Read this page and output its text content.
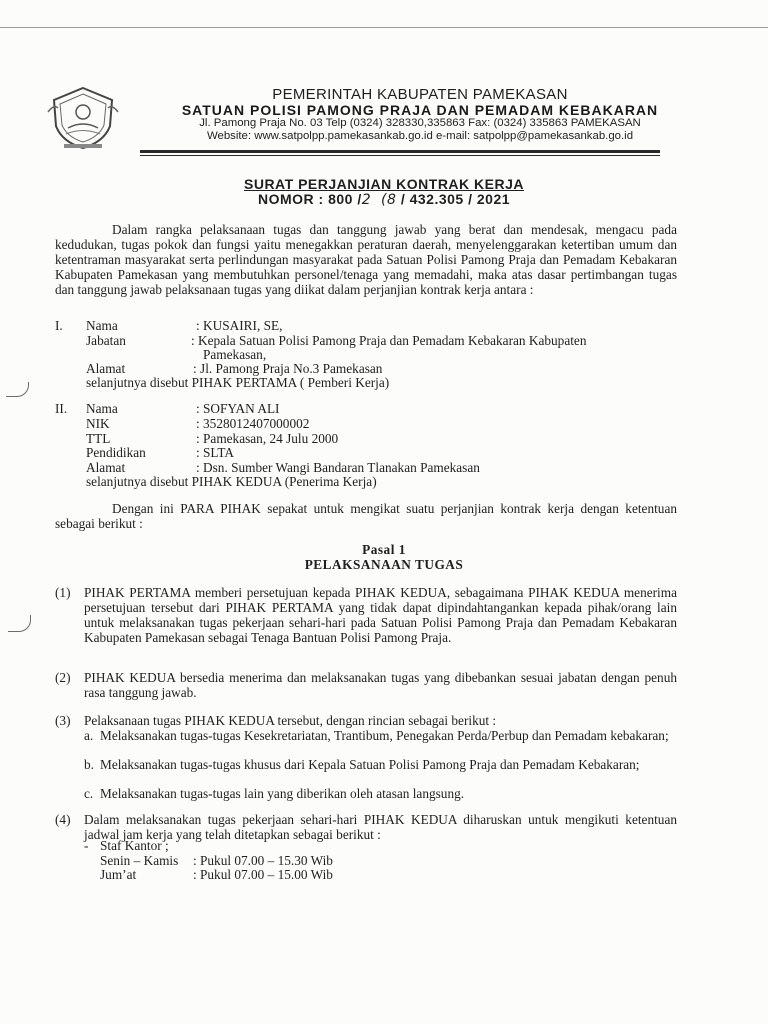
PEMERINTAH KABUPATEN PAMEKASAN
SATUAN POLISI PAMONG PRAJA DAN PEMADAM KEBAKARAN
Jl. Pamong Praja No. 03 Telp (0324) 328330,335863 Fax: (0324) 335863 PAMEKASAN
Website: www.satpolpp.pamekasankab.go.id e-mail: satpolpp@pamekasankab.go.id
SURAT PERJANJIAN KONTRAK KERJA
NOMOR : 800 /2  (8 / 432.305 / 2021
Dalam rangka pelaksanaan tugas dan tanggung jawab yang berat dan mendesak, mengacu pada kedudukan, tugas pokok dan fungsi yaitu menegakkan peraturan daerah, menyelenggarakan ketertiban umum dan ketentraman masyarakat serta perlindungan masyarakat pada Satuan Polisi Pamong Praja dan Pemadam Kebakaran Kabupaten Pamekasan yang membutuhkan personel/tenaga yang memadahi, maka atas dasar pertimbangan tugas dan tanggung jawab pelaksanaan tugas yang diikat dalam perjanjian kontrak kerja antara :
I. Nama	: KUSAIRI, SE,
Jabatan	: Kepala Satuan Polisi Pamong Praja dan Pemadam Kebakaran Kabupaten
Pamekasan,
Alamat	: Jl. Pamong Praja No.3 Pamekasan
selanjutnya disebut PIHAK PERTAMA ( Pemberi Kerja)
II. Nama	: SOFYAN ALI
NIK	: 3528012407000002
TTL	: Pamekasan, 24 Julu 2000
Pendidikan	: SLTA
Alamat	: Dsn. Sumber Wangi Bandaran Tlanakan Pamekasan
selanjutnya disebut PIHAK KEDUA (Penerima Kerja)
Dengan ini PARA PIHAK sepakat untuk mengikat suatu perjanjian kontrak kerja dengan ketentuan sebagai berikut :
Pasal 1
PELAKSANAAN TUGAS
(1) PIHAK PERTAMA memberi persetujuan kepada PIHAK KEDUA, sebagaimana PIHAK KEDUA menerima persetujuan tersebut dari PIHAK PERTAMA yang tidak dapat dipindahtangankan kepada pihak/orang lain untuk melaksanakan tugas pekerjaan sehari-hari pada Satuan Polisi Pamong Praja dan Pemadam Kebakaran Kabupaten Pamekasan sebagai Tenaga Bantuan Polisi Pamong Praja.
(2) PIHAK KEDUA bersedia menerima dan melaksanakan tugas yang dibebankan sesuai jabatan dengan penuh rasa tanggung jawab.
(3) Pelaksanaan tugas PIHAK KEDUA tersebut, dengan rincian sebagai berikut :
a. Melaksanakan tugas-tugas Kesekretariatan, Trantibum, Penegakan Perda/Perbup dan Pemadam kebakaran;
b. Melaksanakan tugas-tugas khusus dari Kepala Satuan Polisi Pamong Praja dan Pemadam Kebakaran;
c. Melaksanakan tugas-tugas lain yang diberikan oleh atasan langsung.
(4) Dalam melaksanakan tugas pekerjaan sehari-hari PIHAK KEDUA diharuskan untuk mengikuti ketentuan jadwal jam kerja yang telah ditetapkan sebagai berikut :
- Staf Kantor ;
Senin – Kamis : Pukul 07.00 – 15.30 Wib
Jum’at	: Pukul 07.00 – 15.00 Wib
